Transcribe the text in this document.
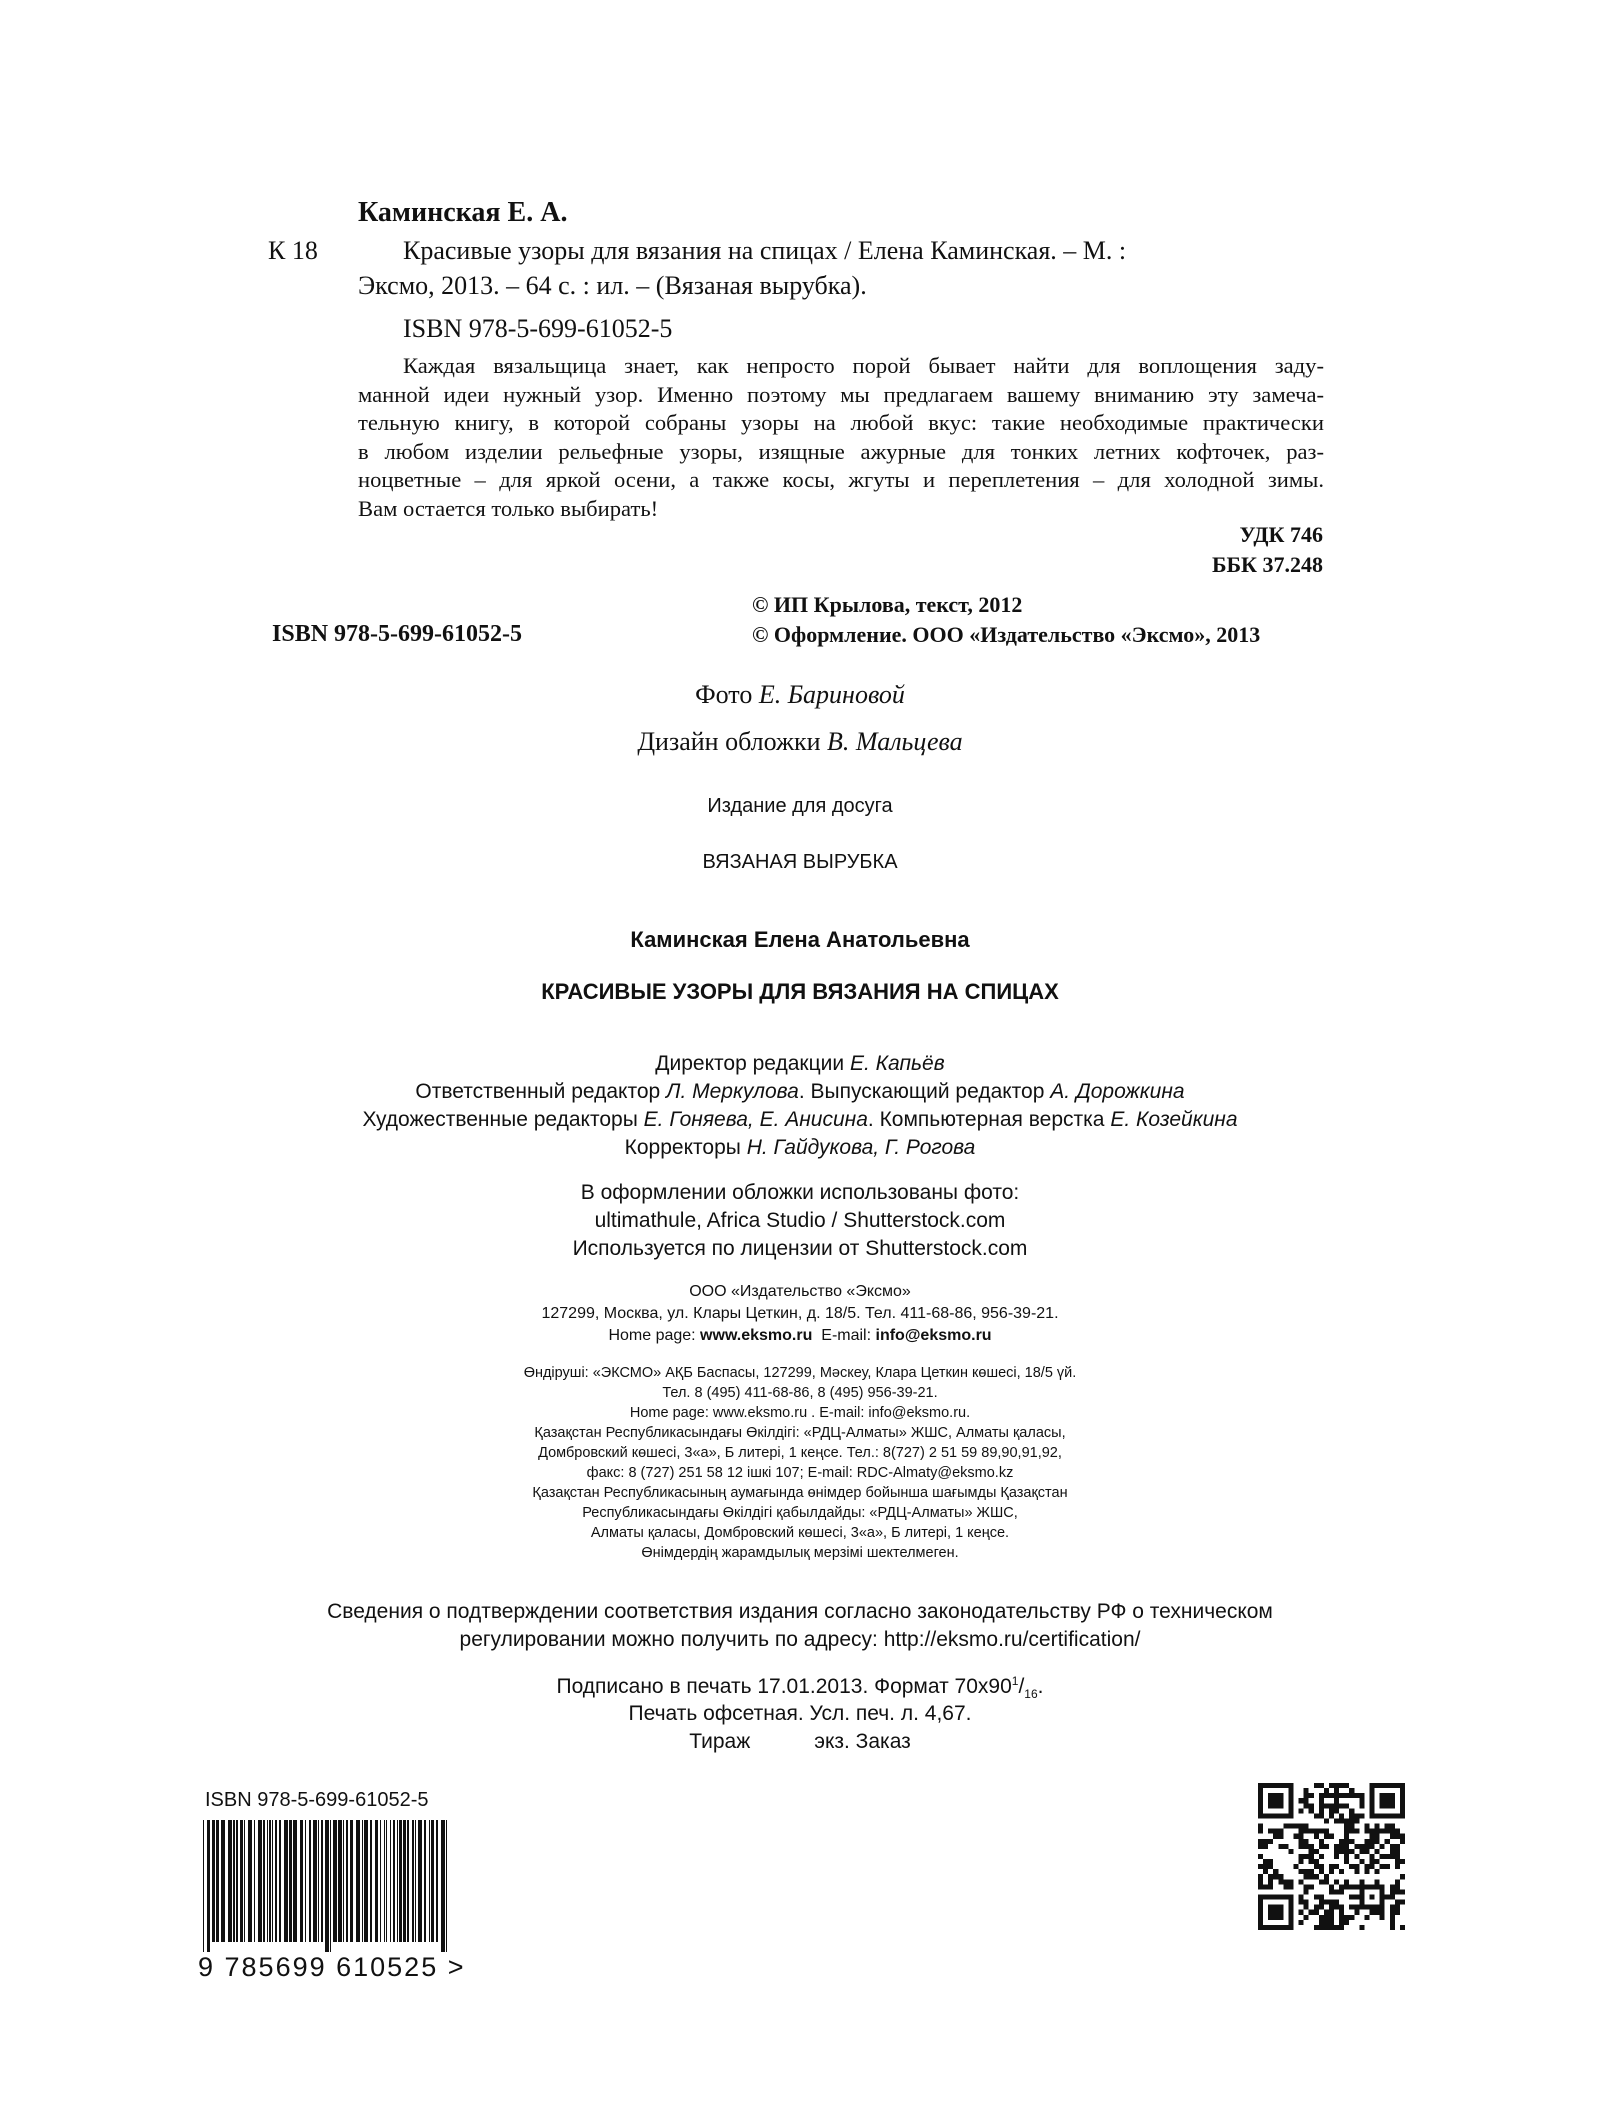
Каминская Е. А.
К 18	Красивые узоры для вязания на спицах / Елена Каминская. – М. :
Эксмо, 2013. – 64 с. : ил. – (Вязаная вырубка).
ISBN 978-5-699-61052-5
Каждая вязальщица знает, как непросто порой бывает найти для воплощения заду-
манной идеи нужный узор. Именно поэтому мы предлагаем вашему вниманию эту замеча-
тельную книгу, в которой собраны узоры на любой вкус: такие необходимые практически
в любом изделии рельефные узоры, изящные ажурные для тонких летних кофточек, раз-
ноцветные – для яркой осени, а также косы, жгуты и переплетения – для холодной зимы.
Вам остается только выбирать!
УДК 746
ББК 37.248
© ИП Крылова, текст, 2012
© Оформление. ООО «Издательство «Эксмо», 2013
ISBN 978-5-699-61052-5
Фото Е. Бариновой
Дизайн обложки В. Мальцева
Издание для досуга
ВЯЗАНАЯ ВЫРУБКА
Каминская Елена Анатольевна
КРАСИВЫЕ УЗОРЫ ДЛЯ ВЯЗАНИЯ НА СПИЦАХ
Директор редакции Е. Капьёв
Ответственный редактор Л. Меркулова. Выпускающий редактор А. Дорожкина
Художественные редакторы Е. Гоняева, Е. Анисина. Компьютерная верстка Е. Козейкина
Корректоры Н. Гайдукова, Г. Рогова
В оформлении обложки использованы фото:
ultimathule, Africa Studio / Shutterstock.com
Используется по лицензии от Shutterstock.com
ООО «Издательство «Эксмо»
127299, Москва, ул. Клары Цеткин, д. 18/5. Тел. 411-68-86, 956-39-21.
Home page: www.eksmo.ru E-mail: info@eksmo.ru
Өндіруші: «ЭКСМО» АҚБ Баспасы, 127299, Мәскеу, Клара Цеткин көшесі, 18/5 үй.
Тел. 8 (495) 411-68-86, 8 (495) 956-39-21.
Home page: www.eksmo.ru . E-mail: info@eksmo.ru.
Қазақстан Республикасындағы Өкілдігі: «РДЦ-Алматы» ЖШС, Алматы қаласы,
Домбровский көшесі, 3«а», Б литері, 1 кеңсе. Тел.: 8(727) 2 51 59 89,90,91,92,
факс: 8 (727) 251 58 12 ішкі 107; E-mail: RDC-Almaty@eksmo.kz
Қазақстан Республикасының аумағында өнімдер бойынша шағымды Қазақстан
Республикасындағы Өкілдігі қабылдайды: «РДЦ-Алматы» ЖШС,
Алматы қаласы, Домбровский көшесі, 3«а», Б литері, 1 кеңсе.
Өнімдердің жарамдылық мерзімі шектелмеген.
Сведения о подтверждении соответствия издания согласно законодательству РФ о техническом
регулировании можно получить по адресу: http://eksmo.ru/certification/
Подписано в печать 17.01.2013. Формат $70x90^1/_{16}$.
Печать офсетная. Усл. печ. л. 4,67.
Тираж	экз. Заказ
ISBN 978-5-699-61052-5
9 785699 610525 >
